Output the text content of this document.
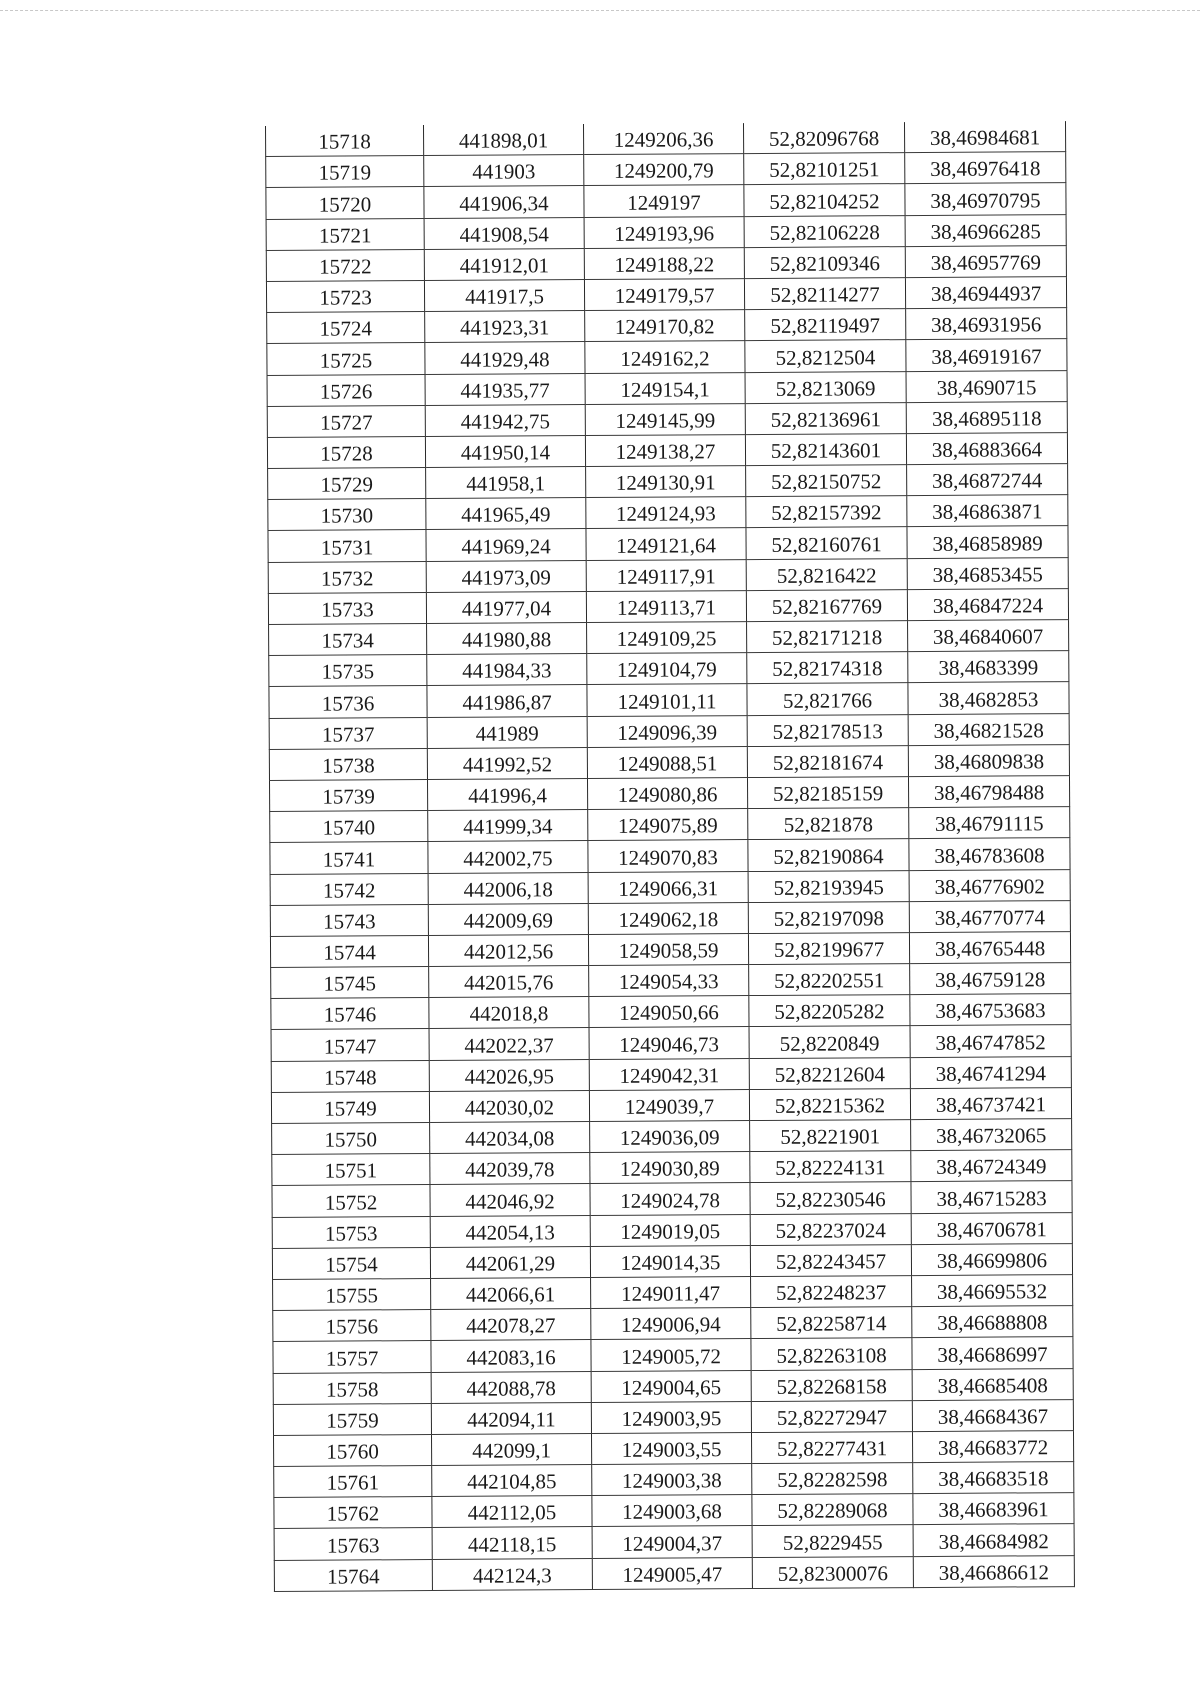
15718	441898,01	1249206,36	52,82096768	38,46984681
15719	441903	1249200,79	52,82101251	38,46976418
15720	441906,34	1249197	52,82104252	38,46970795
15721	441908,54	1249193,96	52,82106228	38,46966285
15722	441912,01	1249188,22	52,82109346	38,46957769
15723	441917,5	1249179,57	52,82114277	38,46944937
15724	441923,31	1249170,82	52,82119497	38,46931956
15725	441929,48	1249162,2	52,8212504	38,46919167
15726	441935,77	1249154,1	52,8213069	38,4690715
15727	441942,75	1249145,99	52,82136961	38,46895118
15728	441950,14	1249138,27	52,82143601	38,46883664
15729	441958,1	1249130,91	52,82150752	38,46872744
15730	441965,49	1249124,93	52,82157392	38,46863871
15731	441969,24	1249121,64	52,82160761	38,46858989
15732	441973,09	1249117,91	52,8216422	38,46853455
15733	441977,04	1249113,71	52,82167769	38,46847224
15734	441980,88	1249109,25	52,82171218	38,46840607
15735	441984,33	1249104,79	52,82174318	38,4683399
15736	441986,87	1249101,11	52,821766	38,4682853
15737	441989	1249096,39	52,82178513	38,46821528
15738	441992,52	1249088,51	52,82181674	38,46809838
15739	441996,4	1249080,86	52,82185159	38,46798488
15740	441999,34	1249075,89	52,821878	38,46791115
15741	442002,75	1249070,83	52,82190864	38,46783608
15742	442006,18	1249066,31	52,82193945	38,46776902
15743	442009,69	1249062,18	52,82197098	38,46770774
15744	442012,56	1249058,59	52,82199677	38,46765448
15745	442015,76	1249054,33	52,82202551	38,46759128
15746	442018,8	1249050,66	52,82205282	38,46753683
15747	442022,37	1249046,73	52,8220849	38,46747852
15748	442026,95	1249042,31	52,82212604	38,46741294
15749	442030,02	1249039,7	52,82215362	38,46737421
15750	442034,08	1249036,09	52,8221901	38,46732065
15751	442039,78	1249030,89	52,82224131	38,46724349
15752	442046,92	1249024,78	52,82230546	38,46715283
15753	442054,13	1249019,05	52,82237024	38,46706781
15754	442061,29	1249014,35	52,82243457	38,46699806
15755	442066,61	1249011,47	52,82248237	38,46695532
15756	442078,27	1249006,94	52,82258714	38,46688808
15757	442083,16	1249005,72	52,82263108	38,46686997
15758	442088,78	1249004,65	52,82268158	38,46685408
15759	442094,11	1249003,95	52,82272947	38,46684367
15760	442099,1	1249003,55	52,82277431	38,46683772
15761	442104,85	1249003,38	52,82282598	38,46683518
15762	442112,05	1249003,68	52,82289068	38,46683961
15763	442118,15	1249004,37	52,8229455	38,46684982
15764	442124,3	1249005,47	52,82300076	38,46686612
